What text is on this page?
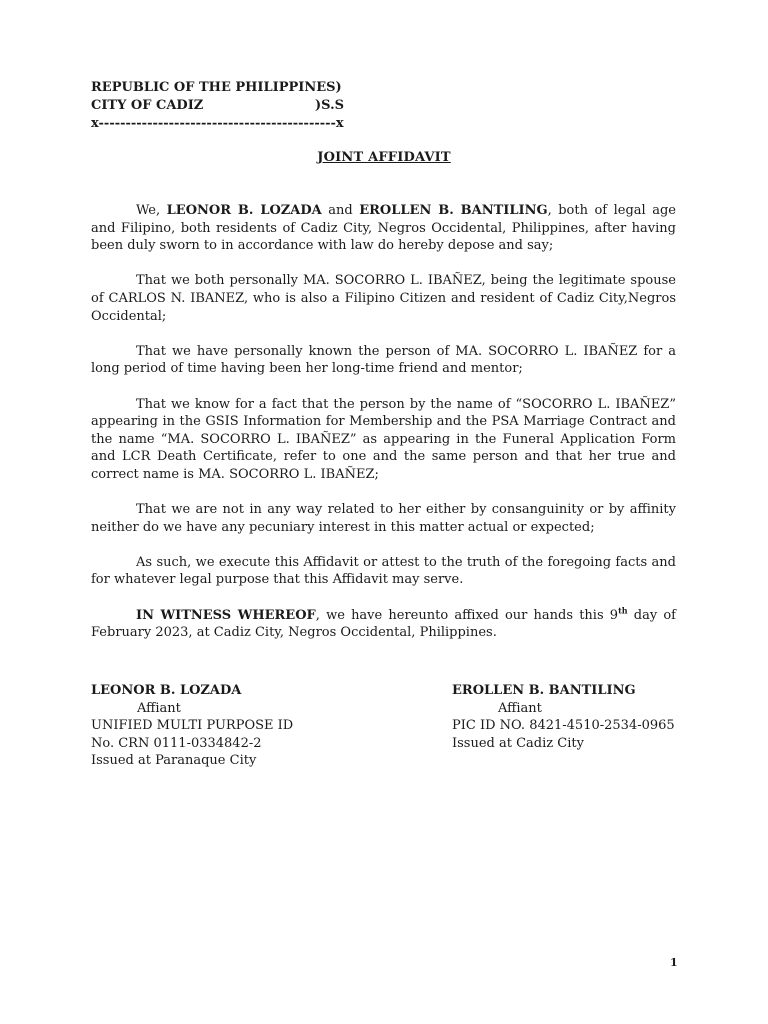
REPUBLIC OF THE PHILIPPINES)
CITY OF CADIZ	)S.S
x--------------------------------------------x
JOINT AFFIDAVIT

We, LEONOR B. LOZADA and EROLLEN B. BANTILING, both of legal age and Filipino, both residents of Cadiz City, Negros Occidental, Philippines, after having been duly sworn to in accordance with law do hereby depose and say;

That we both personally MA. SOCORRO L. IBAÑEZ, being the legitimate spouse of CARLOS N. IBANEZ, who is also a Filipino Citizen and resident of Cadiz City,Negros Occidental;

That we have personally known the person of MA. SOCORRO L. IBAÑEZ for a long period of time having been her long-time friend and mentor;

That we know for a fact that the person by the name of “SOCORRO L. IBAÑEZ” appearing in the GSIS Information for Membership and the PSA Marriage Contract and the name “MA. SOCORRO L. IBAÑEZ” as appearing in the Funeral Application Form and LCR Death Certificate, refer to one and the same person and that her true and correct name is MA. SOCORRO L. IBAÑEZ;

That we are not in any way related to her either by consanguinity or by affinity neither do we have any pecuniary interest in this matter actual or expected;

As such, we execute this Affidavit or attest to the truth of the foregoing facts and for whatever legal purpose that this Affidavit may serve.

IN WITNESS WHEREOF, we have hereunto affixed our hands this 9th day of February 2023, at Cadiz City, Negros Occidental, Philippines.

LEONOR B. LOZADA
Affiant
UNIFIED MULTI PURPOSE ID
No. CRN 0111-0334842-2
Issued at Paranaque City
EROLLEN B. BANTILING
Affiant
PIC ID NO. 8421-4510-2534-0965
Issued at Cadiz City
1
